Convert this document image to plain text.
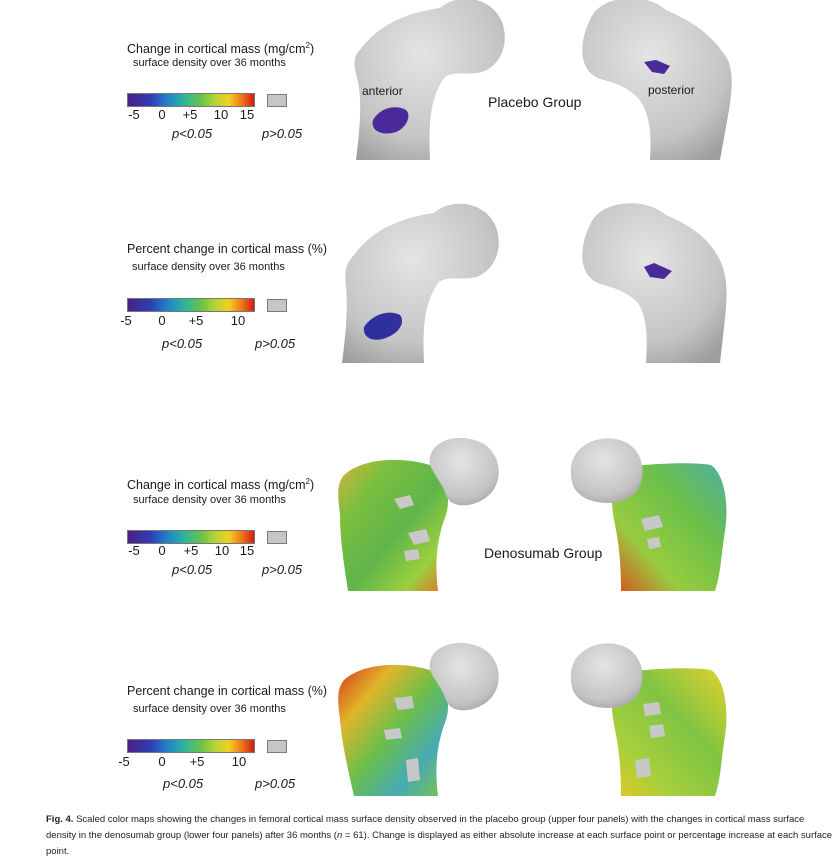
Change in cortical mass $(mg/cm^2)$
surface density over 36 months
-5 0 +5 10 15
p<0.05	p>0.05
anterior	posterior
Placebo Group
Percent change in cortical mass (%)
surface density over 36 months
-5 0 +5 10
p<0.05	p>0.05
Change in cortical mass $(mg/cm^2)$
surface density over 36 months
-5 0 +5 10 15
p<0.05	p>0.05
Denosumab Group
Percent change in cortical mass (%)
surface density over 36 months
-5 0 +5 10
p<0.05	p>0.05
Fig. 4. Scaled color maps showing the changes in femoral cortical mass surface density observed in the placebo group (upper four panels) with the changes in cortical mass surface density in the denosumab group (lower four panels) after 36 months (n = 61). Change is displayed as either absolute increase at each surface point or percentage increase at each surface point.
